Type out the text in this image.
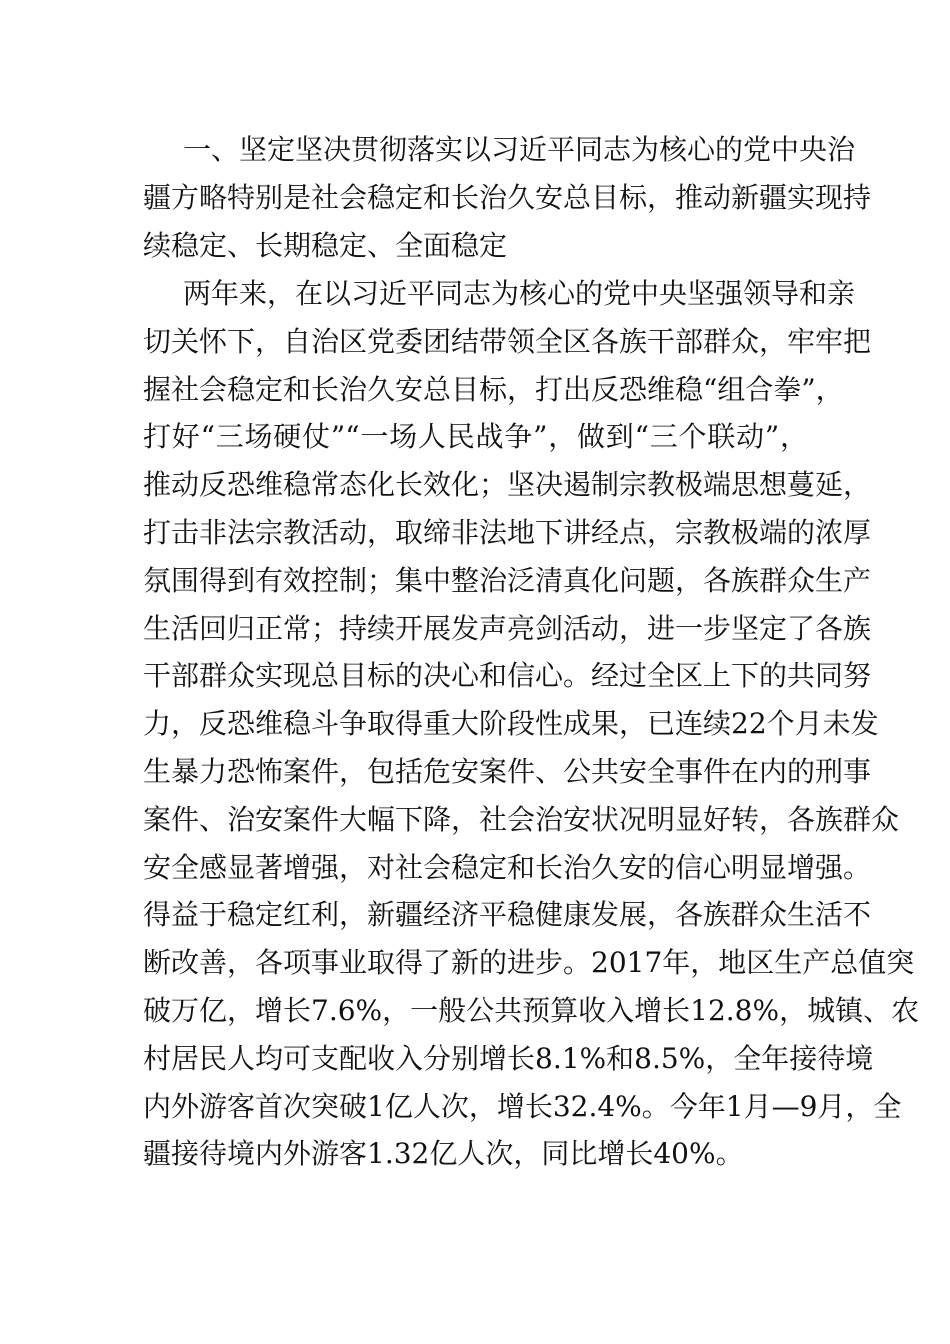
一、坚定坚决贯彻落实以习近平同志为核心的党中央治
疆方略特别是社会稳定和长治久安总目标，推动新疆实现持
续稳定、长期稳定、全面稳定
两年来，在以习近平同志为核心的党中央坚强领导和亲
切关怀下，自治区党委团结带领全区各族干部群众，牢牢把
握社会稳定和长治久安总目标，打出反恐维稳“组合拳”，
打好“三场硬仗”“一场人民战争”，做到“三个联动”，
推动反恐维稳常态化长效化；坚决遏制宗教极端思想蔓延，
打击非法宗教活动，取缔非法地下讲经点，宗教极端的浓厚
氛围得到有效控制；集中整治泛清真化问题，各族群众生产
生活回归正常；持续开展发声亮剑活动，进一步坚定了各族
干部群众实现总目标的决心和信心。经过全区上下的共同努
力，反恐维稳斗争取得重大阶段性成果，已连续22个月未发
生暴力恐怖案件，包括危安案件、公共安全事件在内的刑事
案件、治安案件大幅下降，社会治安状况明显好转，各族群众
安全感显著增强，对社会稳定和长治久安的信心明显增强。
得益于稳定红利，新疆经济平稳健康发展，各族群众生活不
断改善，各项事业取得了新的进步。2017年，地区生产总值突
破万亿，增长7.6%，一般公共预算收入增长12.8%，城镇、农
村居民人均可支配收入分别增长8.1%和8.5%，全年接待境
内外游客首次突破1亿人次，增长32.4%。今年1月—9月，全
疆接待境内外游客1.32亿人次，同比增长40%。
